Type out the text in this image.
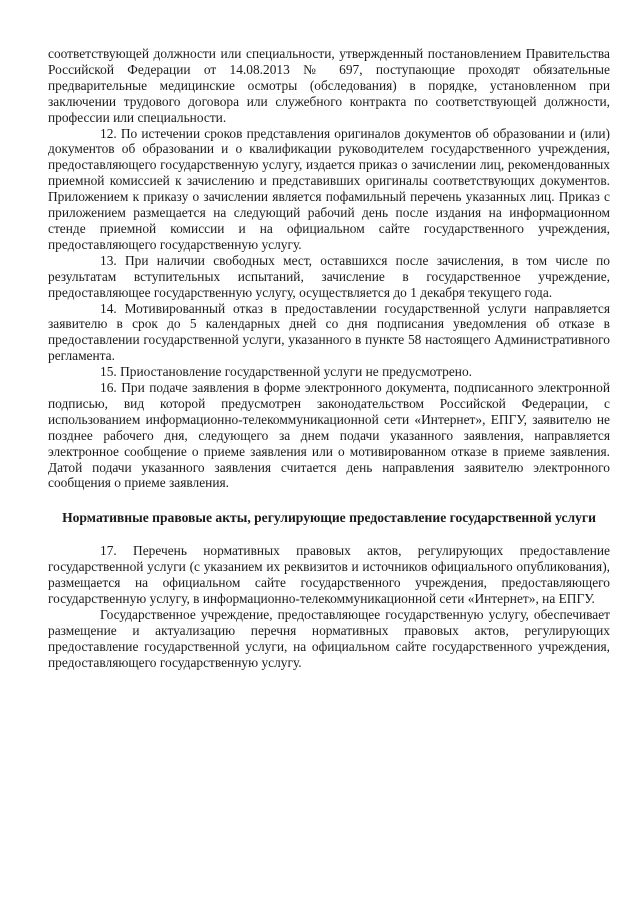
соответствующей должности или специальности, утвержденный постановлением Правительства Российской Федерации от 14.08.2013 № 697, поступающие проходят обязательные предварительные медицинские осмотры (обследования) в порядке, установленном при заключении трудового договора или служебного контракта по соответствующей должности, профессии или специальности.

12. По истечении сроков представления оригиналов документов об образовании и (или) документов об образовании и о квалификации руководителем государственного учреждения, предоставляющего государственную услугу, издается приказ о зачислении лиц, рекомендованных приемной комиссией к зачислению и представивших оригиналы соответствующих документов. Приложением к приказу о зачислении является пофамильный перечень указанных лиц. Приказ с приложением размещается на следующий рабочий день после издания на информационном стенде приемной комиссии и на официальном сайте государственного учреждения, предоставляющего государственную услугу.

13. При наличии свободных мест, оставшихся после зачисления, в том числе по результатам вступительных испытаний, зачисление в государственное учреждение, предоставляющее государственную услугу, осуществляется до 1 декабря текущего года.

14. Мотивированный отказ в предоставлении государственной услуги направляется заявителю в срок до 5 календарных дней со дня подписания уведомления об отказе в предоставлении государственной услуги, указанного в пункте 58 настоящего Административного регламента.

15. Приостановление государственной услуги не предусмотрено.

16. При подаче заявления в форме электронного документа, подписанного электронной подписью, вид которой предусмотрен законодательством Российской Федерации, с использованием информационно-телекоммуникационной сети «Интернет», ЕПГУ, заявителю не позднее рабочего дня, следующего за днем подачи указанного заявления, направляется электронное сообщение о приеме заявления или о мотивированном отказе в приеме заявления. Датой подачи указанного заявления считается день направления заявителю электронного сообщения о приеме заявления.

Нормативные правовые акты, регулирующие предоставление государственной услуги

17. Перечень нормативных правовых актов, регулирующих предоставление государственной услуги (с указанием их реквизитов и источников официального опубликования), размещается на официальном сайте государственного учреждения, предоставляющего государственную услугу, в информационно-телекоммуникационной сети «Интернет», на ЕПГУ.

Государственное учреждение, предоставляющее государственную услугу, обеспечивает размещение и актуализацию перечня нормативных правовых актов, регулирующих предоставление государственной услуги, на официальном сайте государственного учреждения, предоставляющего государственную услугу.
